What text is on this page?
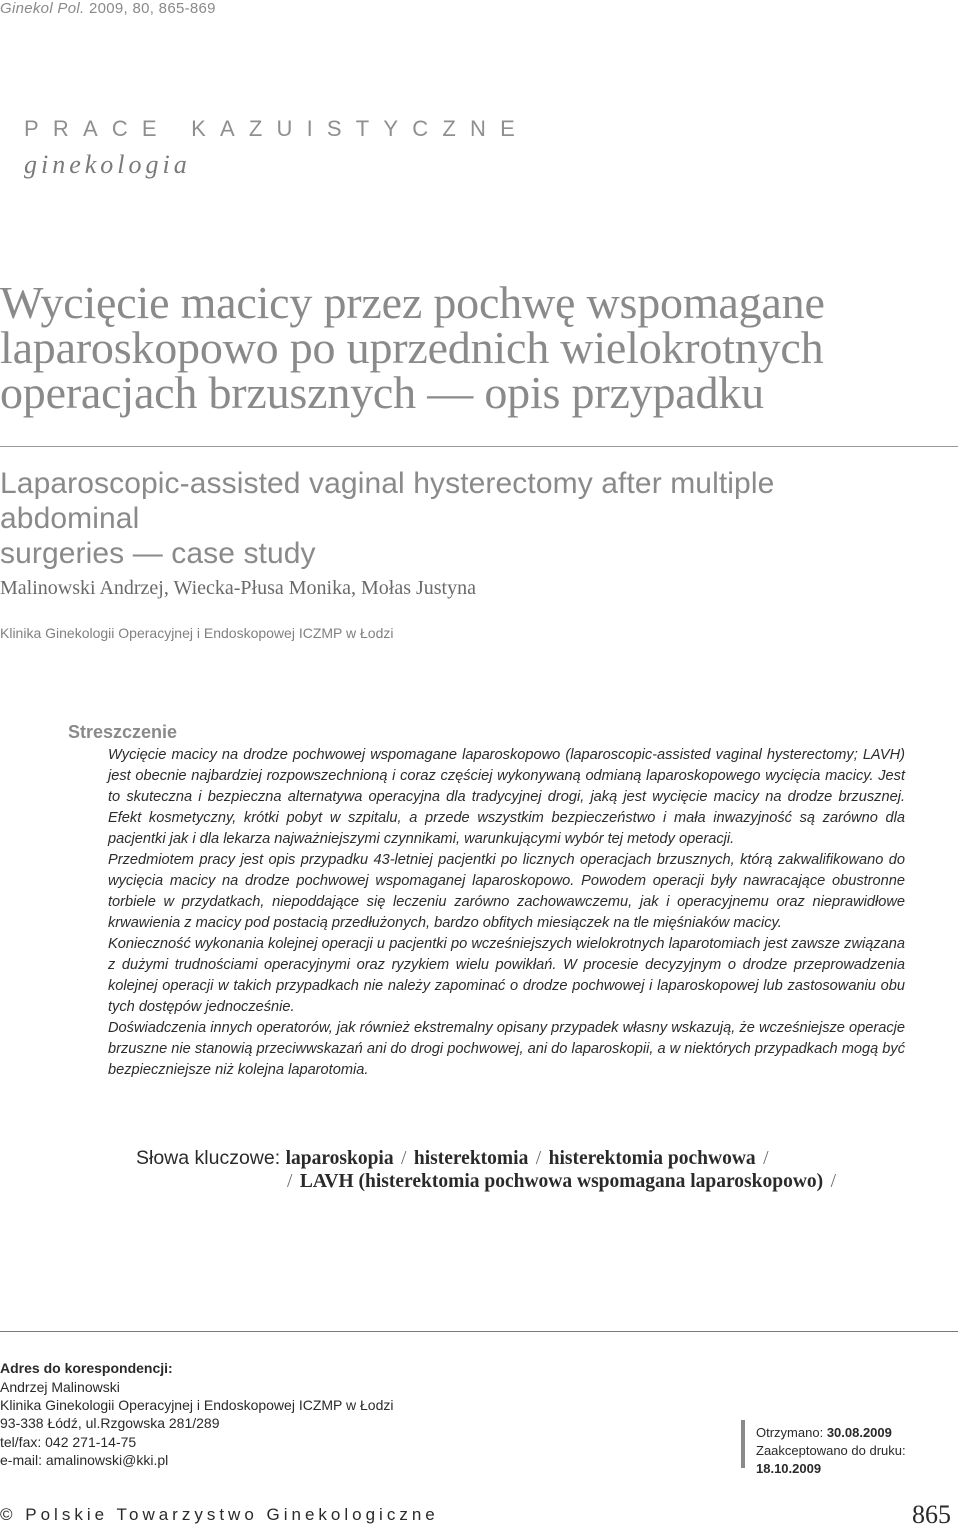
Ginekol Pol. 2009, 80, 865-869
PRACE KAZUISTYCZNE
ginekologia
Wycięcie macicy przez pochwę wspomagane
laparoskopowo po uprzednich wielokrotnych
operacjach brzusznych — opis przypadku
Laparoscopic-assisted vaginal hysterectomy after multiple abdominal
surgeries — case study
Malinowski Andrzej, Wiecka-Płusa Monika, Mołas Justyna
Klinika Ginekologii Operacyjnej i Endoskopowej ICZMP w Łodzi
Streszczenie

Wycięcie macicy na drodze pochwowej wspomagane laparoskopowo (laparoscopic-assisted vaginal hysterectomy; LAVH) jest obecnie najbardziej rozpowszechnioną i coraz częściej wykonywaną odmianą laparoskopowego wycięcia macicy. Jest to skuteczna i bezpieczna alternatywa operacyjna dla tradycyjnej drogi, jaką jest wycięcie macicy na drodze brzusznej. Efekt kosmetyczny, krótki pobyt w szpitalu, a przede wszystkim bezpieczeństwo i mała inwazyjność są zarówno dla pacjentki jak i dla lekarza najważniejszymi czynnikami, warunkującymi wybór tej metody operacji.

Przedmiotem pracy jest opis przypadku 43-letniej pacjentki po licznych operacjach brzusznych, którą zakwalifikowano do wycięcia macicy na drodze pochwowej wspomaganej laparoskopowo. Powodem operacji były nawracające obustronne torbiele w przydatkach, niepoddające się leczeniu zarówno zachowawczemu, jak i operacyjnemu oraz nieprawidłowe krwawienia z macicy pod postacią przedłużonych, bardzo obfitych miesiączek na tle mięśniaków macicy.

Konieczność wykonania kolejnej operacji u pacjentki po wcześniejszych wielokrotnych laparotomiach jest zawsze związana z dużymi trudnościami operacyjnymi oraz ryzykiem wielu powikłań. W procesie decyzyjnym o drodze przeprowadzenia kolejnej operacji w takich przypadkach nie należy zapominać o drodze pochwowej i laparoskopowej lub zastosowaniu obu tych dostępów jednocześnie.

Doświadczenia innych operatorów, jak również ekstremalny opisany przypadek własny wskazują, że wcześniejsze operacje brzuszne nie stanowią przeciwwskazań ani do drogi pochwowej, ani do laparoskopii, a w niektórych przypadkach mogą być bezpieczniejsze niż kolejna laparotomia.

Słowa kluczowe: laparoskopia / histerektomia / histerektomia pochwowa /
/ LAVH (histerektomia pochwowa wspomagana laparoskopowo) /
Adres do korespondencji:
Andrzej Malinowski
Klinika Ginekologii Operacyjnej i Endoskopowej ICZMP w Łodzi
93-338 Łódź, ul.Rzgowska 281/289
tel/fax: 042 271-14-75
e-mail: amalinowski@kki.pl
Otrzymano: 30.08.2009
Zaakceptowano do druku: 18.10.2009
© Polskie Towarzystwo Ginekologiczne	865
